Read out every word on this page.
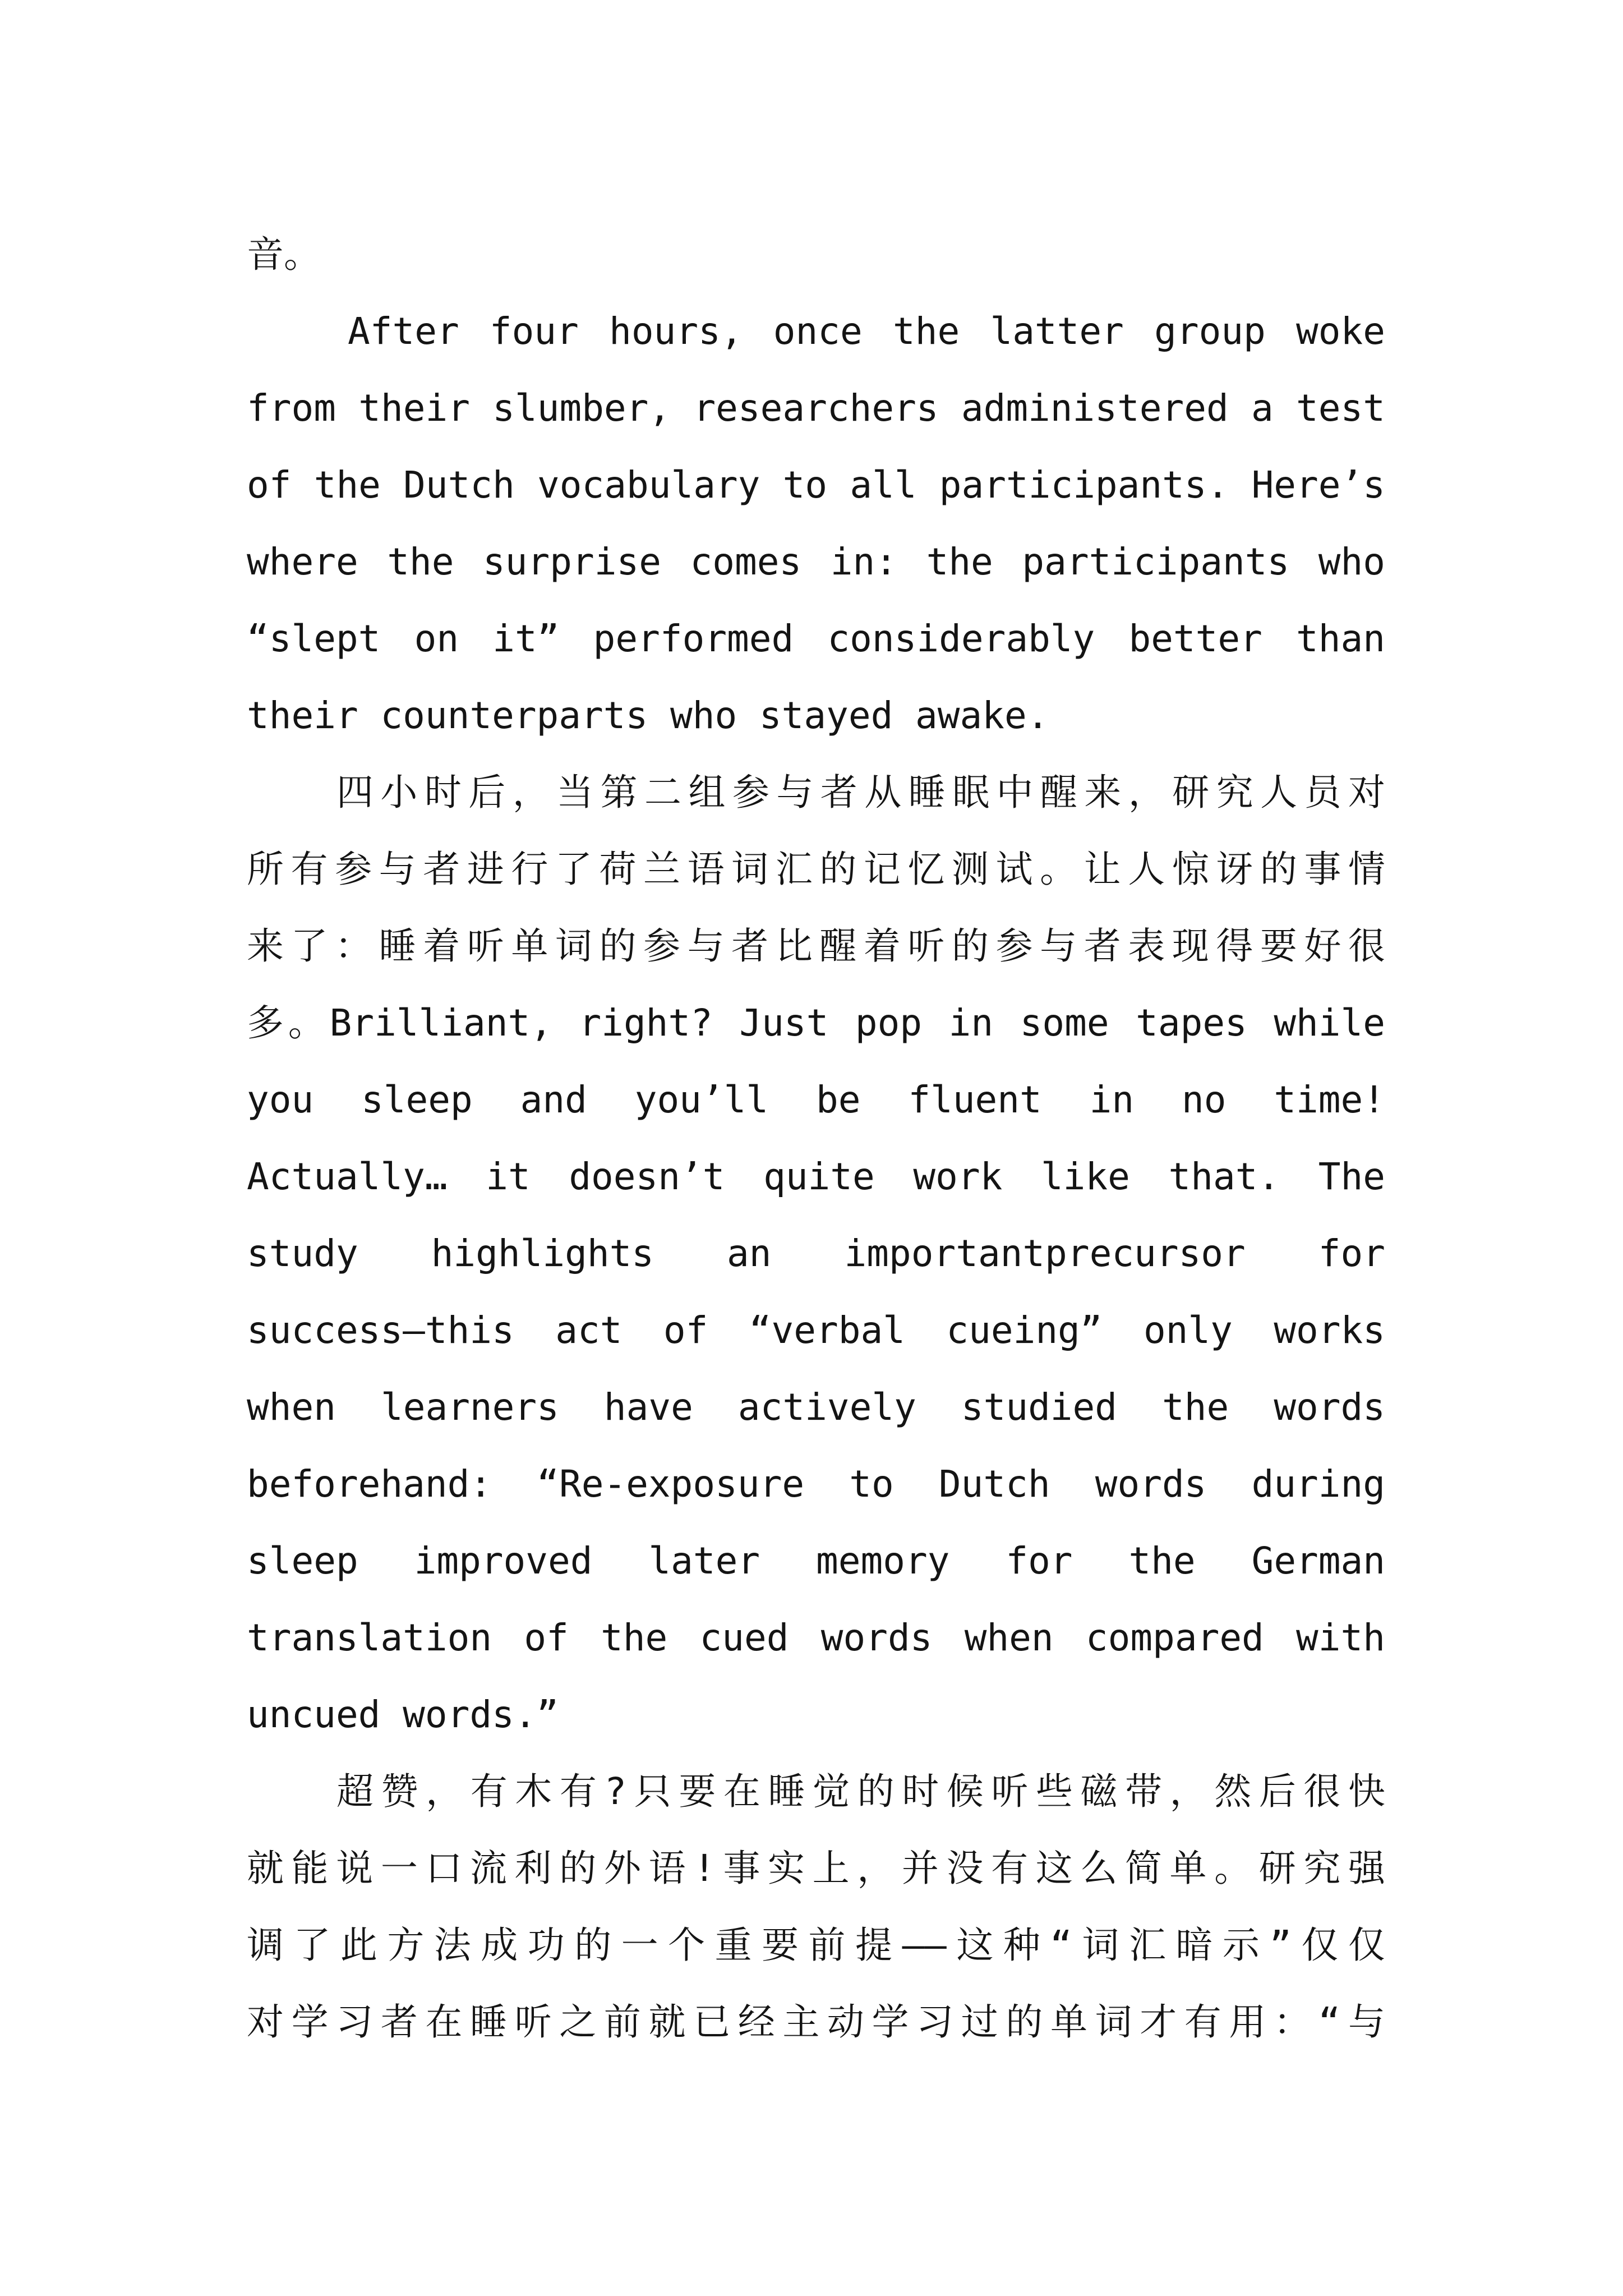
音。
After four hours, once the latter group woke
from their slumber, researchers administered a test
of the Dutch vocabulary to all participants. Here’s
where the surprise comes in: the participants who
“slept on it” performed considerably better than
their counterparts who stayed awake.
四小时后，当第二组参与者从睡眠中醒来，研究人员对
所有参与者进行了荷兰语词汇的记忆测试。让人惊讶的事情
来了：睡着听单词的参与者比醒着听的参与者表现得要好很
多。Brilliant, right? Just pop in some tapes while
you sleep and you’ll be fluent in no time!
Actually… it doesn’t quite work like that. The
study highlights an importantprecursor for
success—this act of “verbal cueing” only works
when learners have actively studied the words
beforehand: “Re-exposure to Dutch words during
sleep improved later memory for the German
translation of the cued words when compared with
uncued words.”
超赞，有木有?只要在睡觉的时候听些磁带，然后很快
就能说一口流利的外语!事实上，并没有这么简单。研究强
调了此方法成功的一个重要前提——这种“词汇暗示”仅仅
对学习者在睡听之前就已经主动学习过的单词才有用：“与
